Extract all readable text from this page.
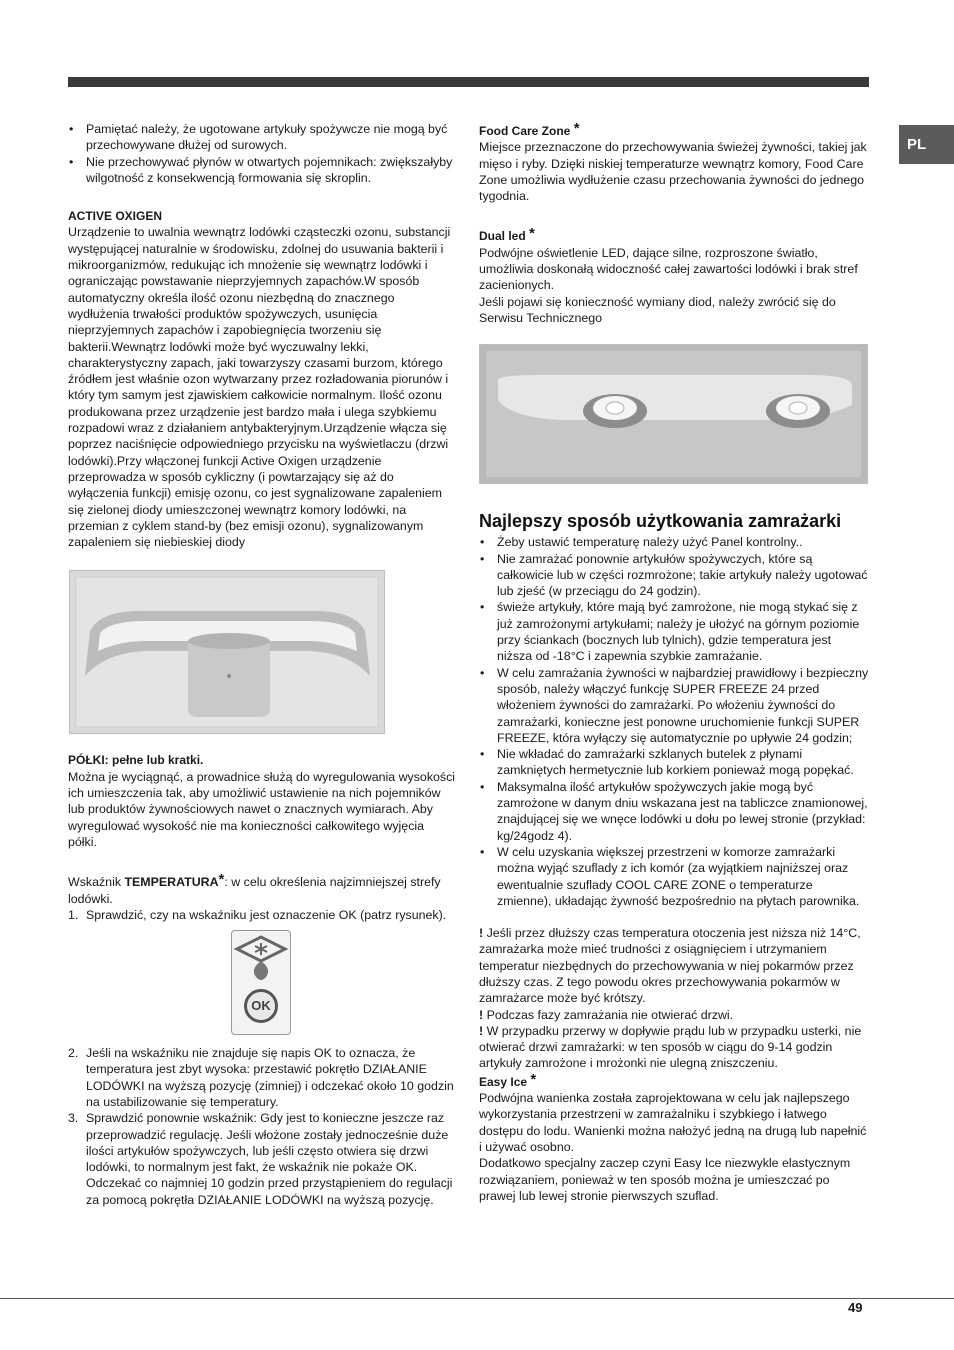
PL
• Pamiętać należy, że ugotowane artykuły spożywcze nie mogą być przechowywane dłużej od surowych.
• Nie przechowywać płynów w otwartych pojemnikach: zwiększałyby wilgotność z konsekwencją formowania się skroplin.

ACTIVE OXIGEN

Urządzenie to uwalnia wewnątrz lodówki cząsteczki ozonu, substancji występującej naturalnie w środowisku, zdolnej do usuwania bakterii i mikroorganizmów, redukując ich mnożenie się wewnątrz lodówki i ograniczając powstawanie nieprzyjemnych zapachów.W sposób automatyczny określa ilość ozonu niezbędną do znacznego wydłużenia trwałości produktów spożywczych, usunięcia nieprzyjemnych zapachów i zapobiegnięcia tworzeniu się bakterii.Wewnątrz lodówki może być wyczuwalny lekki, charakterystyczny zapach, jaki towarzyszy czasami burzom, którego źródłem jest właśnie ozon wytwarzany przez rozładowania piorunów i który tym samym jest zjawiskiem całkowicie normalnym. Ilość ozonu produkowana przez urządzenie jest bardzo mała i ulega szybkiemu rozpadowi wraz z działaniem antybakteryjnym.Urządzenie włącza się poprzez naciśnięcie odpowiedniego przycisku na wyświetlaczu (drzwi lodówki).Przy włączonej funkcji Active Oxigen urządzenie przeprowadza w sposób cykliczny (i powtarzający się aż do wyłączenia funkcji) emisję ozonu, co jest sygnalizowane zapaleniem się zielonej diody umieszczonej wewnątrz komory lodówki, na przemian z cyklem stand-by (bez emisji ozonu), sygnalizowanym zapaleniem się niebieskiej diody

PÓŁKI: pełne lub kratki.

Można je wyciągnąć, a prowadnice służą do wyregulowania wysokości ich umieszczenia tak, aby umożliwić ustawienie na nich pojemników lub produktów żywnościowych nawet o znacznych wymiarach. Aby wyregulować wysokość nie ma konieczności całkowitego wyjęcia półki.

Wskaźnik TEMPERATURA*: w celu określenia najzimniejszej strefy lodówki.

1. Sprawdzić, czy na wskaźniku jest oznaczenie OK (patrz rysunek).
OK
2. Jeśli na wskaźniku nie znajduje się napis OK to oznacza, że temperatura jest zbyt wysoka: przestawić pokrętło DZIAŁANIE LODÓWKI na wyższą pozycję (zimniej) i odczekać około 10 godzin na ustabilizowanie się temperatury.
3. Sprawdzić ponownie wskaźnik: Gdy jest to konieczne jeszcze raz przeprowadzić regulację. Jeśli włożone zostały jednocześnie duże ilości artykułów spożywczych, lub jeśli często otwiera się drzwi lodówki, to normalnym jest fakt, że wskaźnik nie pokaże OK. Odczekać co najmniej 10 godzin przed przystąpieniem do regulacji za pomocą pokrętła DZIAŁANIE LODÓWKI na wyższą pozycję.

Food Care Zone *

Miejsce przeznaczone do przechowywania świeżej żywności, takiej jak mięso i ryby. Dzięki niskiej temperaturze wewnątrz komory, Food Care Zone umożliwia wydłużenie czasu przechowania żywności do jednego tygodnia.

Dual led *

Podwójne oświetlenie LED, dające silne, rozproszone światło, umożliwia doskonałą widoczność całej zawartości lodówki i brak stref zacienionych.

Jeśli pojawi się konieczność wymiany diod, należy zwrócić się do Serwisu Technicznego

Najlepszy sposób użytkowania zamrażarki

• Żeby ustawić temperaturę należy użyć Panel kontrolny..
• Nie zamrażać ponownie artykułów spożywczych, które są całkowicie lub w części rozmrożone; takie artykuły należy ugotować lub zjeść (w przeciągu do 24 godzin).
• świeże artykuły, które mają być zamrożone, nie mogą stykać się z już zamrożonymi artykułami; należy je ułożyć na górnym poziomie przy ściankach (bocznych lub tylnich), gdzie temperatura jest niższa od -18°C i zapewnia szybkie zamrażanie.
• W celu zamrażania żywności w najbardziej prawidłowy i bezpieczny sposób, należy włączyć funkcję SUPER FREEZE 24 przed włożeniem żywności do zamrażarki. Po włożeniu żywności do zamrażarki, konieczne jest ponowne uruchomienie funkcji SUPER FREEZE, która wyłączy się automatycznie po upływie 24 godzin;
• Nie wkładać do zamrażarki szklanych butelek z płynami zamkniętych hermetycznie lub korkiem ponieważ mogą popękać.
• Maksymalna ilość artykułów spożywczych jakie mogą być zamrożone w danym dniu wskazana jest na tabliczce znamionowej, znajdującej się we wnęce lodówki u dołu po lewej stronie (przykład: kg/24godz 4).
• W celu uzyskania większej przestrzeni w komorze zamrażarki można wyjąć szuflady z ich komór (za wyjątkiem najniższej oraz ewentualnie szuflady COOL CARE ZONE o temperaturze zmienne), układając żywność bezpośrednio na płytach parownika.

! Jeśli przez dłuższy czas temperatura otoczenia jest niższa niż 14°C, zamrażarka może mieć trudności z osiągnięciem i utrzymaniem temperatur niezbędnych do przechowywania w niej pokarmów przez dłuższy czas. Z tego powodu okres przechowywania pokarmów w zamrażarce może być krótszy.

! Podczas fazy zamrażania nie otwierać drzwi.

! W przypadku przerwy w dopływie prądu lub w przypadku usterki, nie otwierać drzwi zamrażarki: w ten sposób w ciągu do 9-14 godzin artykuły zamrożone i mrożonki nie ulegną zniszczeniu.

Easy Ice *

Podwójna wanienka została zaprojektowana w celu jak najlepszego wykorzystania przestrzeni w zamrażalniku i szybkiego i łatwego dostępu do lodu. Wanienki można nałożyć jedną na drugą lub napełnić i używać osobno.

Dodatkowo specjalny zaczep czyni Easy Ice niezwykle elastycznym rozwiązaniem, ponieważ w ten sposób można je umieszczać po prawej lub lewej stronie pierwszych szuflad.

49
